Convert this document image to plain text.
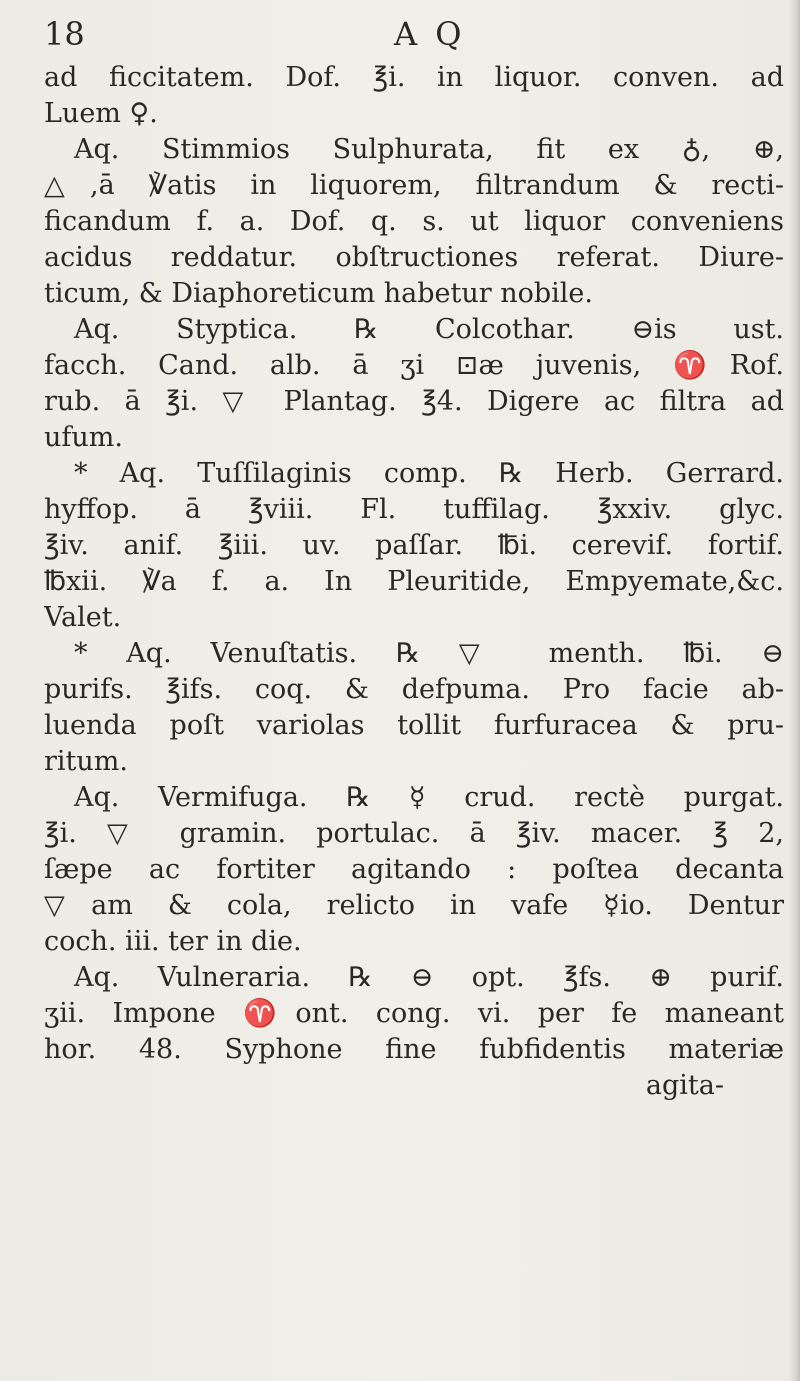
18	A Q
ad ficcitatem. Dof. ℥i. in liquor. conven. ad
Luem ♀.
Aq. Stimmios Sulphurata, fit ex ♁, ⊕,
△,ā ℣atis in liquorem, filtrandum & recti-
ficandum f. a. Dof. q. s. ut liquor conveniens
acidus reddatur. obſtructiones referat. Diure-
ticum, & Diaphoreticum habetur nobile.
Aq. Styptica. ℞ Colcothar. ⊖is ust.
facch. Cand. alb. ā ʒi ⊡æ juvenis, ♈Rof.
rub. ā ℥i. ▽ Plantag. ℥4. Digere ac filtra ad
ufum.
* Aq. Tuſſilaginis comp. ℞ Herb. Gerrard.
hyffop. ā ℥viii. Fl. tuffilag. ℥xxiv. glyc.
℥iv. anif. ℥iii. uv. paſſar. ℔i. cerevif. fortif.
℔xii. ℣a f. a. In Pleuritide, Empyemate,&c.
Valet.
* Aq. Venuſtatis. ℞ ▽ menth. ℔i. ⊖
purifs. ℥ifs. coq. & defpuma. Pro facie ab-
luenda poſt variolas tollit furfuracea & pru-
ritum.
Aq. Vermifuga. ℞ ☿ crud. rectè purgat.
℥i. ▽ gramin. portulac. ā ℥iv. macer. ℥ 2,
ſæpe ac fortiter agitando : poſtea decanta
▽am & cola, relicto in vafe ☿io. Dentur
coch. iii. ter in die.
Aq. Vulneraria. ℞ ⊖ opt. ℥fs. ⊕ purif.
ʒii. Impone ♈ont. cong. vi. per fe maneant
hor. 48. Syphone fine fubfidentis materiæ
agita-
